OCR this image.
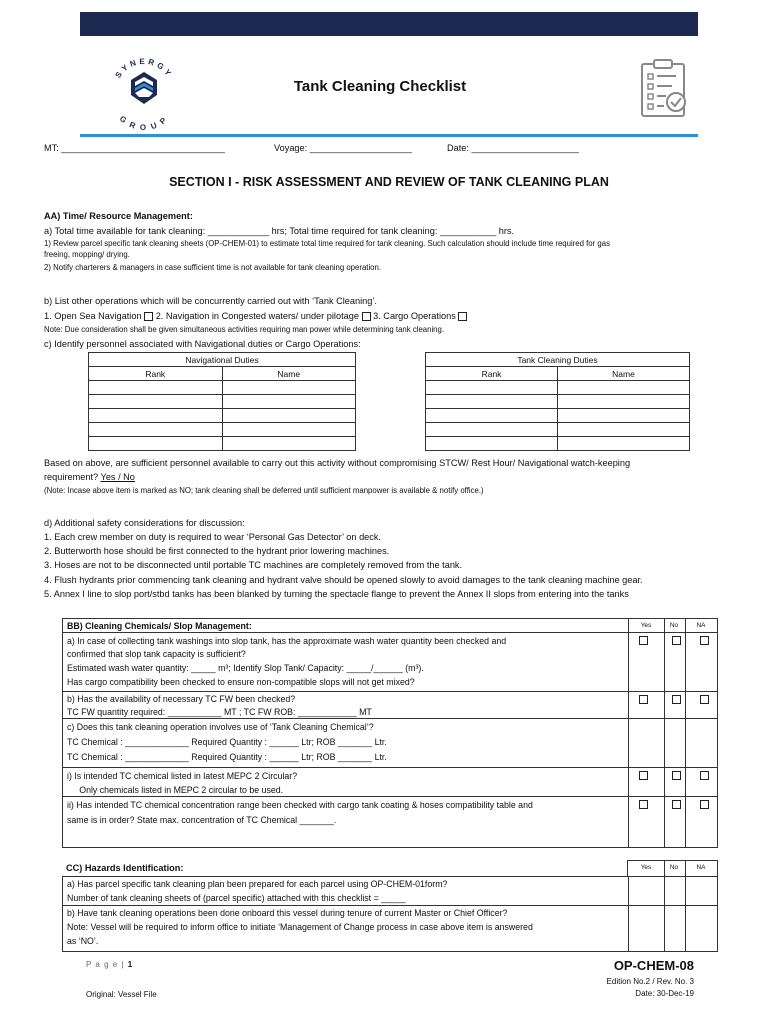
SYNERGY
GROUP
Tank Cleaning Checklist
MT: ________________________________	Voyage: ____________________	Date: _____________________
SECTION I - RISK ASSESSMENT AND REVIEW OF TANK CLEANING PLAN
AA) Time/ Resource Management:
a) Total time available for tank cleaning: ____________ hrs; Total time required for tank cleaning: ___________ hrs.
1) Review parcel specific tank cleaning sheets (OP-CHEM-01) to estimate total time required for tank cleaning. Such calculation should include time required for gas
freeing, mopping/ drying.
2) Notify charterers & managers in case sufficient time is not available for tank cleaning operation.
b) List other operations which will be concurrently carried out with ‘Tank Cleaning’.
1. Open Sea Navigation 2. Navigation in Congested waters/ under pilotage 3. Cargo Operations
Note: Due consideration shall be given simultaneous activities requiring man power while determining tank cleaning.
c) Identify personnel associated with Navigational duties or Cargo Operations:
Navigational Duties	
Rank	Name

Tank Cleaning Duties	
Rank	Name

Based on above, are sufficient personnel available to carry out this activity without compromising STCW/ Rest Hour/ Navigational watch-keeping
requirement? Yes / No
(Note: Incase above item is marked as NO; tank cleaning shall be deferred until sufficient manpower is available & notify office.)
d) Additional safety considerations for discussion:
1. Each crew member on duty is required to wear ‘Personal Gas Detector’ on deck.
2. Butterworth hose should be first connected to the hydrant prior lowering machines.
3. Hoses are not to be disconnected until portable TC machines are completely removed from the tank.
4. Flush hydrants prior commencing tank cleaning and hydrant valve should be opened slowly to avoid damages to the tank cleaning machine gear.
5. Annex I line to slop port/stbd tanks has been blanked by turning the spectacle flange to prevent the Annex II slops from entering into the tanks
BB) Cleaning Chemicals/ Slop Management:	Yes	No	NA
a) In case of collecting tank washings into slop tank, has the approximate wash water quantity been checked and
confirmed that slop tank capacity is sufficient?
Estimated wash water quantity: _____ m³; Identify Slop Tank/ Capacity: _____/______ (m³).
Has cargo compatibility been checked to ensure non-compatible slops will not get mixed?
b) Has the availability of necessary TC FW been checked?
TC FW quantity required: ___________ MT ; TC FW ROB: ____________ MT
c) Does this tank cleaning operation involves use of ‘Tank Cleaning Chemical’?
TC Chemical : _____________ Required Quantity : ______ Ltr; ROB _______ Ltr.
TC Chemical : _____________ Required Quantity : ______ Ltr; ROB _______ Ltr.
i) Is intended TC chemical listed in latest MEPC 2 Circular?
Only chemicals listed in MEPC 2 circular to be used.
ii) Has intended TC chemical concentration range been checked with cargo tank coating & hoses compatibility table and
same is in order? State max. concentration of TC Chemical _______.
CC) Hazards Identification:	Yes	No	NA
a) Has parcel specific tank cleaning plan been prepared for each parcel using OP-CHEM-01form?
Number of tank cleaning sheets of (parcel specific) attached with this checklist = _____
b) Have tank cleaning operations been done onboard this vessel during tenure of current Master or Chief Officer?
Note: Vessel will be required to inform office to initiate ‘Management of Change process in case above item is answered
as ‘NO’.
P a g e | 1
Original: Vessel File
OP-CHEM-08
Edition No.2 / Rev. No. 3
Date: 30-Dec-19
